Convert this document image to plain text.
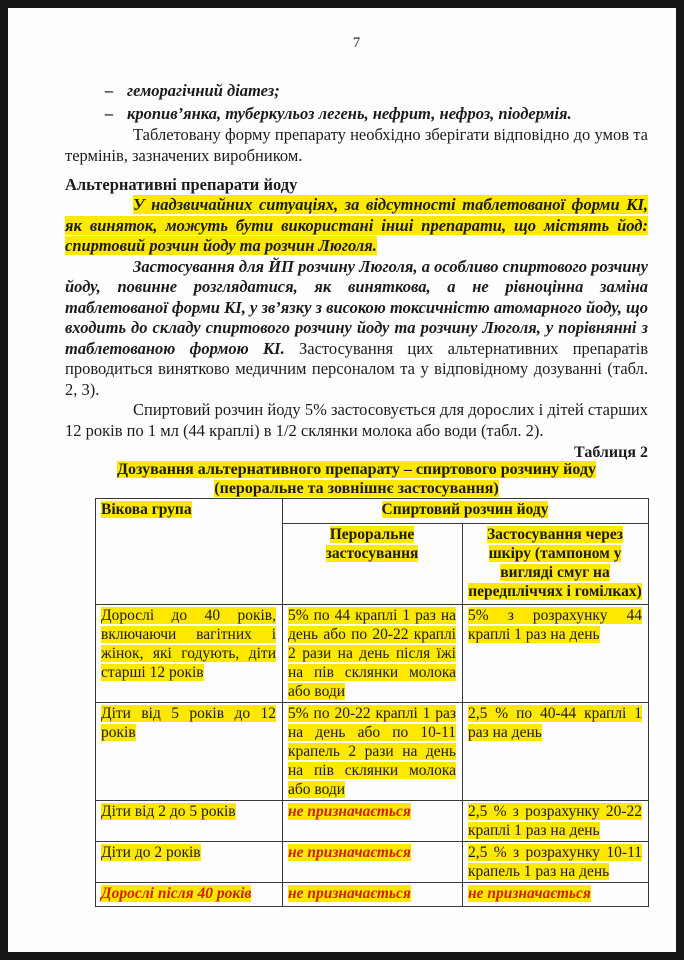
7
– геморагічний діатез;
– кропив’янка, туберкульоз легень, нефрит, нефроз, піодермія.

Таблетовану форму препарату необхідно зберігати відповідно до умов та термінів, зазначених виробником.

Альтернативні препарати йоду

У надзвичайних ситуаціях, за відсутності таблетованої форми КІ, як виняток, можуть бути використані інші препарати, що містять йод: спиртовий розчин йоду та розчин Люголя.

Застосування для ЙП розчину Люголя, а особливо спиртового розчину йоду, повинне розглядатися, як виняткова, а не рівноцінна заміна таблетованої форми КІ, у зв’язку з високою токсичністю атомарного йоду, що входить до складу спиртового розчину йоду та розчину Люголя, у порівнянні з таблетованою формою КІ. Застосування цих альтернативних препаратів проводиться винятково медичним персоналом та у відповідному дозуванні (табл. 2, 3).

Спиртовий розчин йоду 5% застосовується для дорослих і дітей старших 12 років по 1 мл (44 краплі) в 1/2 склянки молока або води (табл. 2).

Таблиця 2
Дозування альтернативного препарату – спиртового розчину йоду
(пероральне та зовнішнє застосування)
Вікова група	Спиртовий розчин йоду	
	Пероральне застосування	Застосування через шкіру (тампоном у вигляді смуг на передпліччях і гомілках)
Дорослі до 40 років, включаючи вагітних і жінок, які годують, діти старші 12 років	5% по 44 краплі 1 раз на день або по 20-22 краплі 2 рази на день після їжі на пів склянки молока або води	5% з розрахунку 44 краплі 1 раз на день
Діти від 5 років до 12 років	5% по 20-22 краплі 1 раз на день або по 10-11 крапель 2 рази на день на пів склянки молока або води	2,5 % по 40-44 краплі 1 раз на день
Діти від 2 до 5 років	не призначається	2,5 % з розрахунку 20-22 краплі 1 раз на день
Діти до 2 років	не призначається	2,5 % з розрахунку 10-11 крапель 1 раз на день
Дорослі після 40 років	не призначається	не призначається
